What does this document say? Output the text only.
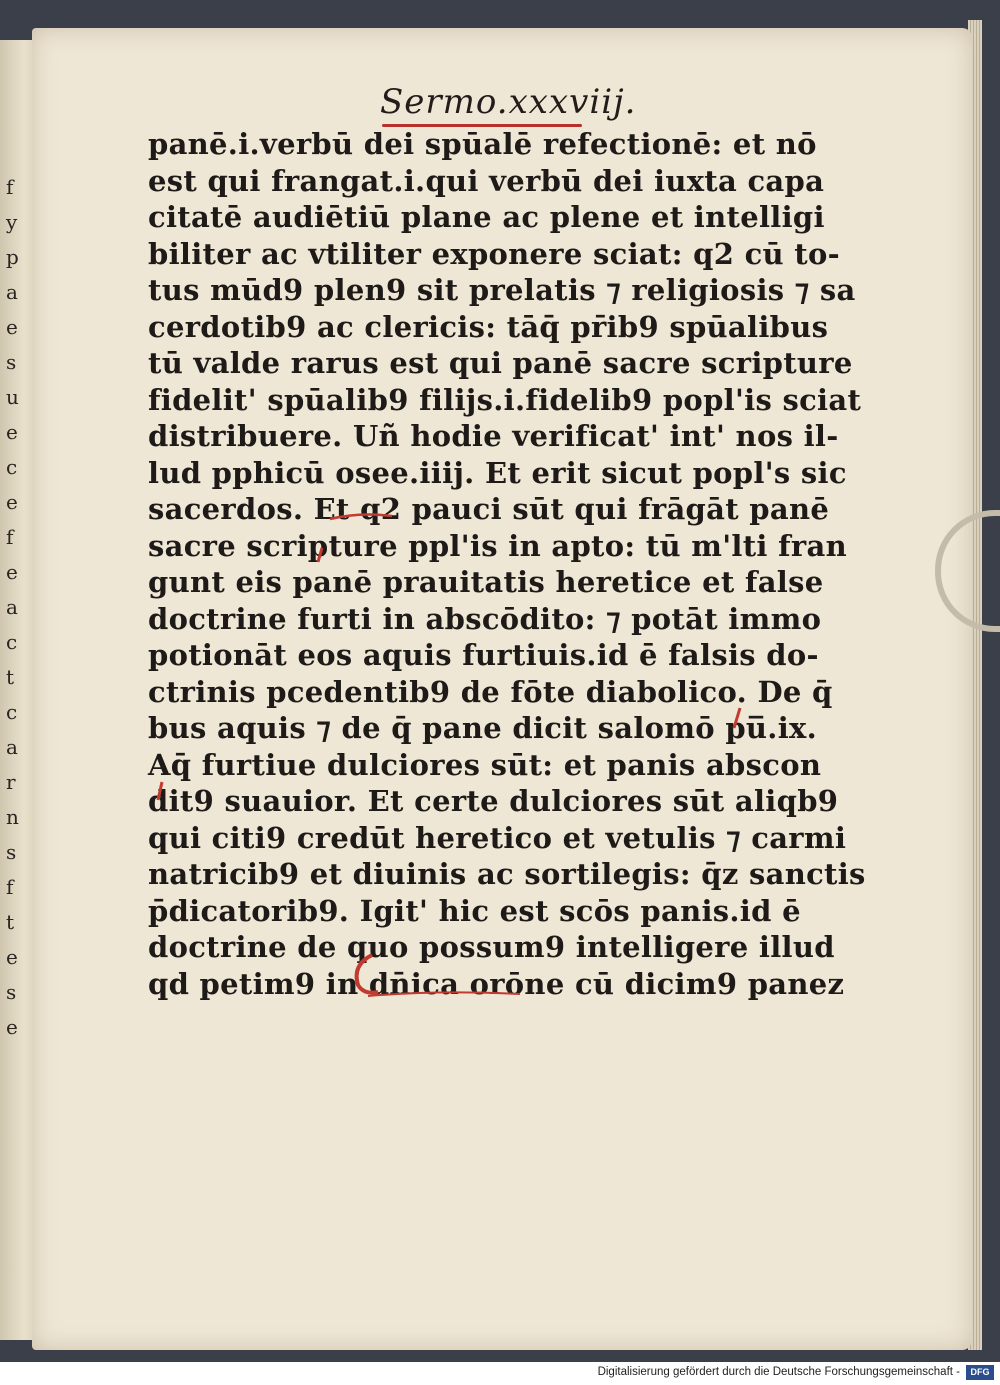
f
y
p
a
e
s
u
e
c
e
f
e
a
c
t
c
a
r
n
s
f
t
e
s
e
Sermo.xxxviij.
panē.i.verbū dei spūalē refectionē: et nō
est qui frangat.i.qui verbū dei iuxta capa
citatē audiētiū plane ac plene et intelligi
biliter ac vtiliter exponere sciat: q2 cū to-
tus mūd9 plen9 sit prelatis ⁊ religiosis ⁊ sa
cerdotib9 ac clericis: tāq̄ pr̄ib9 spūalibus
tū valde rarus est qui panē sacre scripture
fidelit' spūalib9 filijs.i.fidelib9 popl'is sciat
distribuere. Uñ hodie verificat' int' nos il-
lud pphicū osee.iiij. Et erit sicut popl's sic
sacerdos. Et q2 pauci sūt qui frāgāt panē
sacre scripture ppl'is in apto: tū m'lti fran
gunt eis panē prauitatis heretice et false
doctrine furti in abscōdito: ⁊ potāt immo
potionāt eos aquis furtiuis.id ē falsis do-
ctrinis pcedentib9 de fōte diabolico. De q̄
bus aquis ⁊ de q̄ pane dicit salomō pu̅.ix.
Aq̄ furtiue dulciores sūt: et panis abscon
dit9 suauior. Et certe dulciores sūt aliqb9
qui citi9 credūt heretico et vetulis ⁊ carmi
natricib9 et diuinis ac sortilegis: q̄z sanctis
p̄dicatorib9. Igit' hic est scōs panis.id ē
doctrine de quo possum9 intelligere illud
qd petim9 in dn̄ica orōne cū dicim9 panez
Digitalisierung gefördert durch die Deutsche Forschungsgemeinschaft -	DFG
